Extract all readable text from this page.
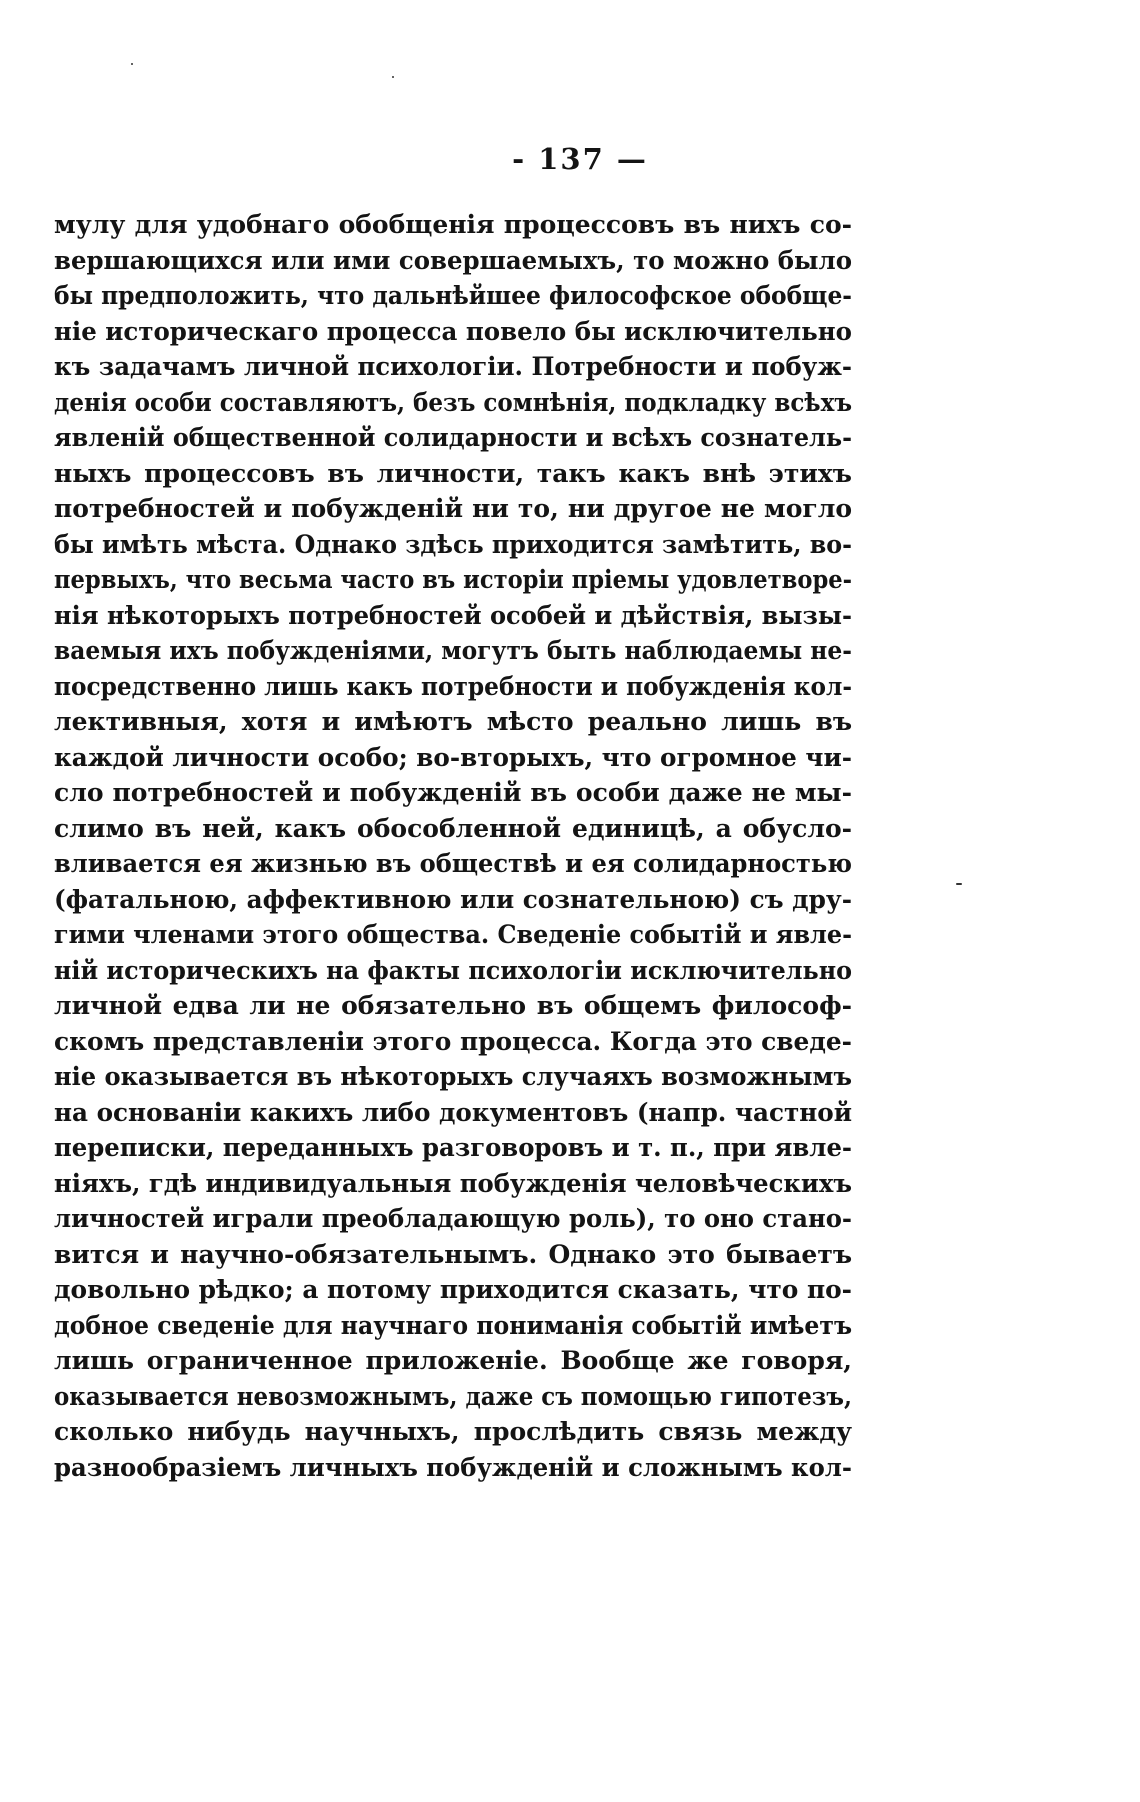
- 137 —
мулу для удобнаго обобщенія процессовъ въ нихъ со-
вершающихся или ими совершаемыхъ, то можно было
бы предположить, что дальнѣйшее философское обобще-
ніе историческаго процесса повело бы исключительно
къ задачамъ личной психологіи. Потребности и побуж-
денія особи составляютъ, безъ сомнѣнія, подкладку всѣхъ
явленій общественной солидарности и всѣхъ сознатель-
ныхъ процессовъ въ личности, такъ какъ внѣ этихъ
потребностей и побужденій ни то, ни другое не могло
бы имѣть мѣста. Однако здѣсь приходится замѣтить, во-
первыхъ, что весьма часто въ исторіи пріемы удовлетворе-
нія нѣкоторыхъ потребностей особей и дѣйствія, вызы-
ваемыя ихъ побужденіями, могутъ быть наблюдаемы не-
посредственно лишь какъ потребности и побужденія кол-
лективныя, хотя и имѣютъ мѣсто реально лишь въ
каждой личности особо; во-вторыхъ, что огромное чи-
сло потребностей и побужденій въ особи даже не мы-
слимо въ ней, какъ обособленной единицѣ, а обусло-
вливается ея жизнью въ обществѣ и ея солидарностью
(фатальною, аффективною или сознательною) съ дру-
гими членами этого общества. Сведеніе событій и явле-
ній историческихъ на факты психологіи исключительно
личной едва ли не обязательно въ общемъ философ-
скомъ представленіи этого процесса. Когда это сведе-
ніе оказывается въ нѣкоторыхъ случаяхъ возможнымъ
на основаніи какихъ либо документовъ (напр. частной
переписки, переданныхъ разговоровъ и т. п., при явле-
ніяхъ, гдѣ индивидуальныя побужденія человѣческихъ
личностей играли преобладающую роль), то оно стано-
вится и научно-обязательнымъ. Однако это бываетъ
довольно рѣдко; а потому приходится сказать, что по-
добное сведеніе для научнаго пониманія событій имѣетъ
лишь ограниченное приложеніе. Вообще же говоря,
оказывается невозможнымъ, даже съ помощью гипотезъ,
сколько нибудь научныхъ, прослѣдить связь между
разнообразіемъ личныхъ побужденій и сложнымъ кол-
